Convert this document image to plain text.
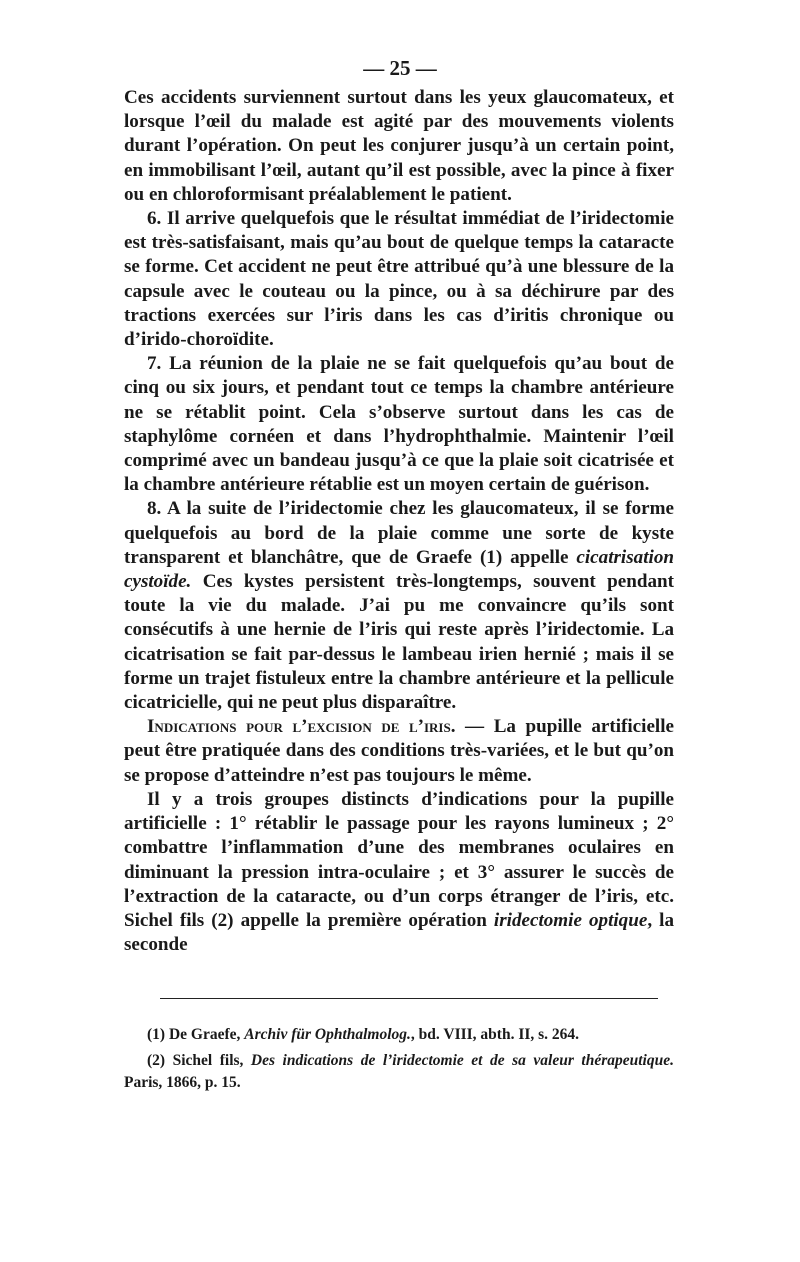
— 25 —

Ces accidents surviennent surtout dans les yeux glaucomateux, et lorsque l’œil du malade est agité par des mouvements violents durant l’opération. On peut les conjurer jusqu’à un certain point, en immobilisant l’œil, autant qu’il est possible, avec la pince à fixer ou en chloroformisant préalablement le patient.

6. Il arrive quelquefois que le résultat immédiat de l’iridectomie est très-satisfaisant, mais qu’au bout de quelque temps la cataracte se forme. Cet accident ne peut être attribué qu’à une blessure de la capsule avec le couteau ou la pince, ou à sa déchirure par des tractions exercées sur l’iris dans les cas d’iritis chronique ou d’irido-choroïdite.

7. La réunion de la plaie ne se fait quelquefois qu’au bout de cinq ou six jours, et pendant tout ce temps la chambre antérieure ne se rétablit point. Cela s’observe surtout dans les cas de staphylôme cornéen et dans l’hydrophthalmie. Maintenir l’œil comprimé avec un bandeau jusqu’à ce que la plaie soit cicatrisée et la chambre antérieure rétablie est un moyen certain de guérison.

8. A la suite de l’iridectomie chez les glaucomateux, il se forme quelquefois au bord de la plaie comme une sorte de kyste transparent et blanchâtre, que de Graefe (1) appelle cicatrisation cystoïde. Ces kystes persistent très-longtemps, souvent pendant toute la vie du malade. J’ai pu me convaincre qu’ils sont consécutifs à une hernie de l’iris qui reste après l’iridectomie. La cicatrisation se fait par-dessus le lambeau irien hernié ; mais il se forme un trajet fistuleux entre la chambre antérieure et la pellicule cicatricielle, qui ne peut plus disparaître.

Indications pour l’excision de l’iris. — La pupille artificielle peut être pratiquée dans des conditions très-variées, et le but qu’on se propose d’atteindre n’est pas toujours le même.

Il y a trois groupes distincts d’indications pour la pupille artificielle : 1° rétablir le passage pour les rayons lumineux ; 2° combattre l’inflammation d’une des membranes oculaires en diminuant la pression intra-oculaire ; et 3° assurer le succès de l’extraction de la cataracte, ou d’un corps étranger de l’iris, etc. Sichel fils (2) appelle la première opération iridectomie optique, la seconde

(1) De Graefe, Archiv für Ophthalmolog., bd. VIII, abth. II, s. 264.

(2) Sichel fils, Des indications de l’iridectomie et de sa valeur thérapeutique. Paris, 1866, p. 15.
